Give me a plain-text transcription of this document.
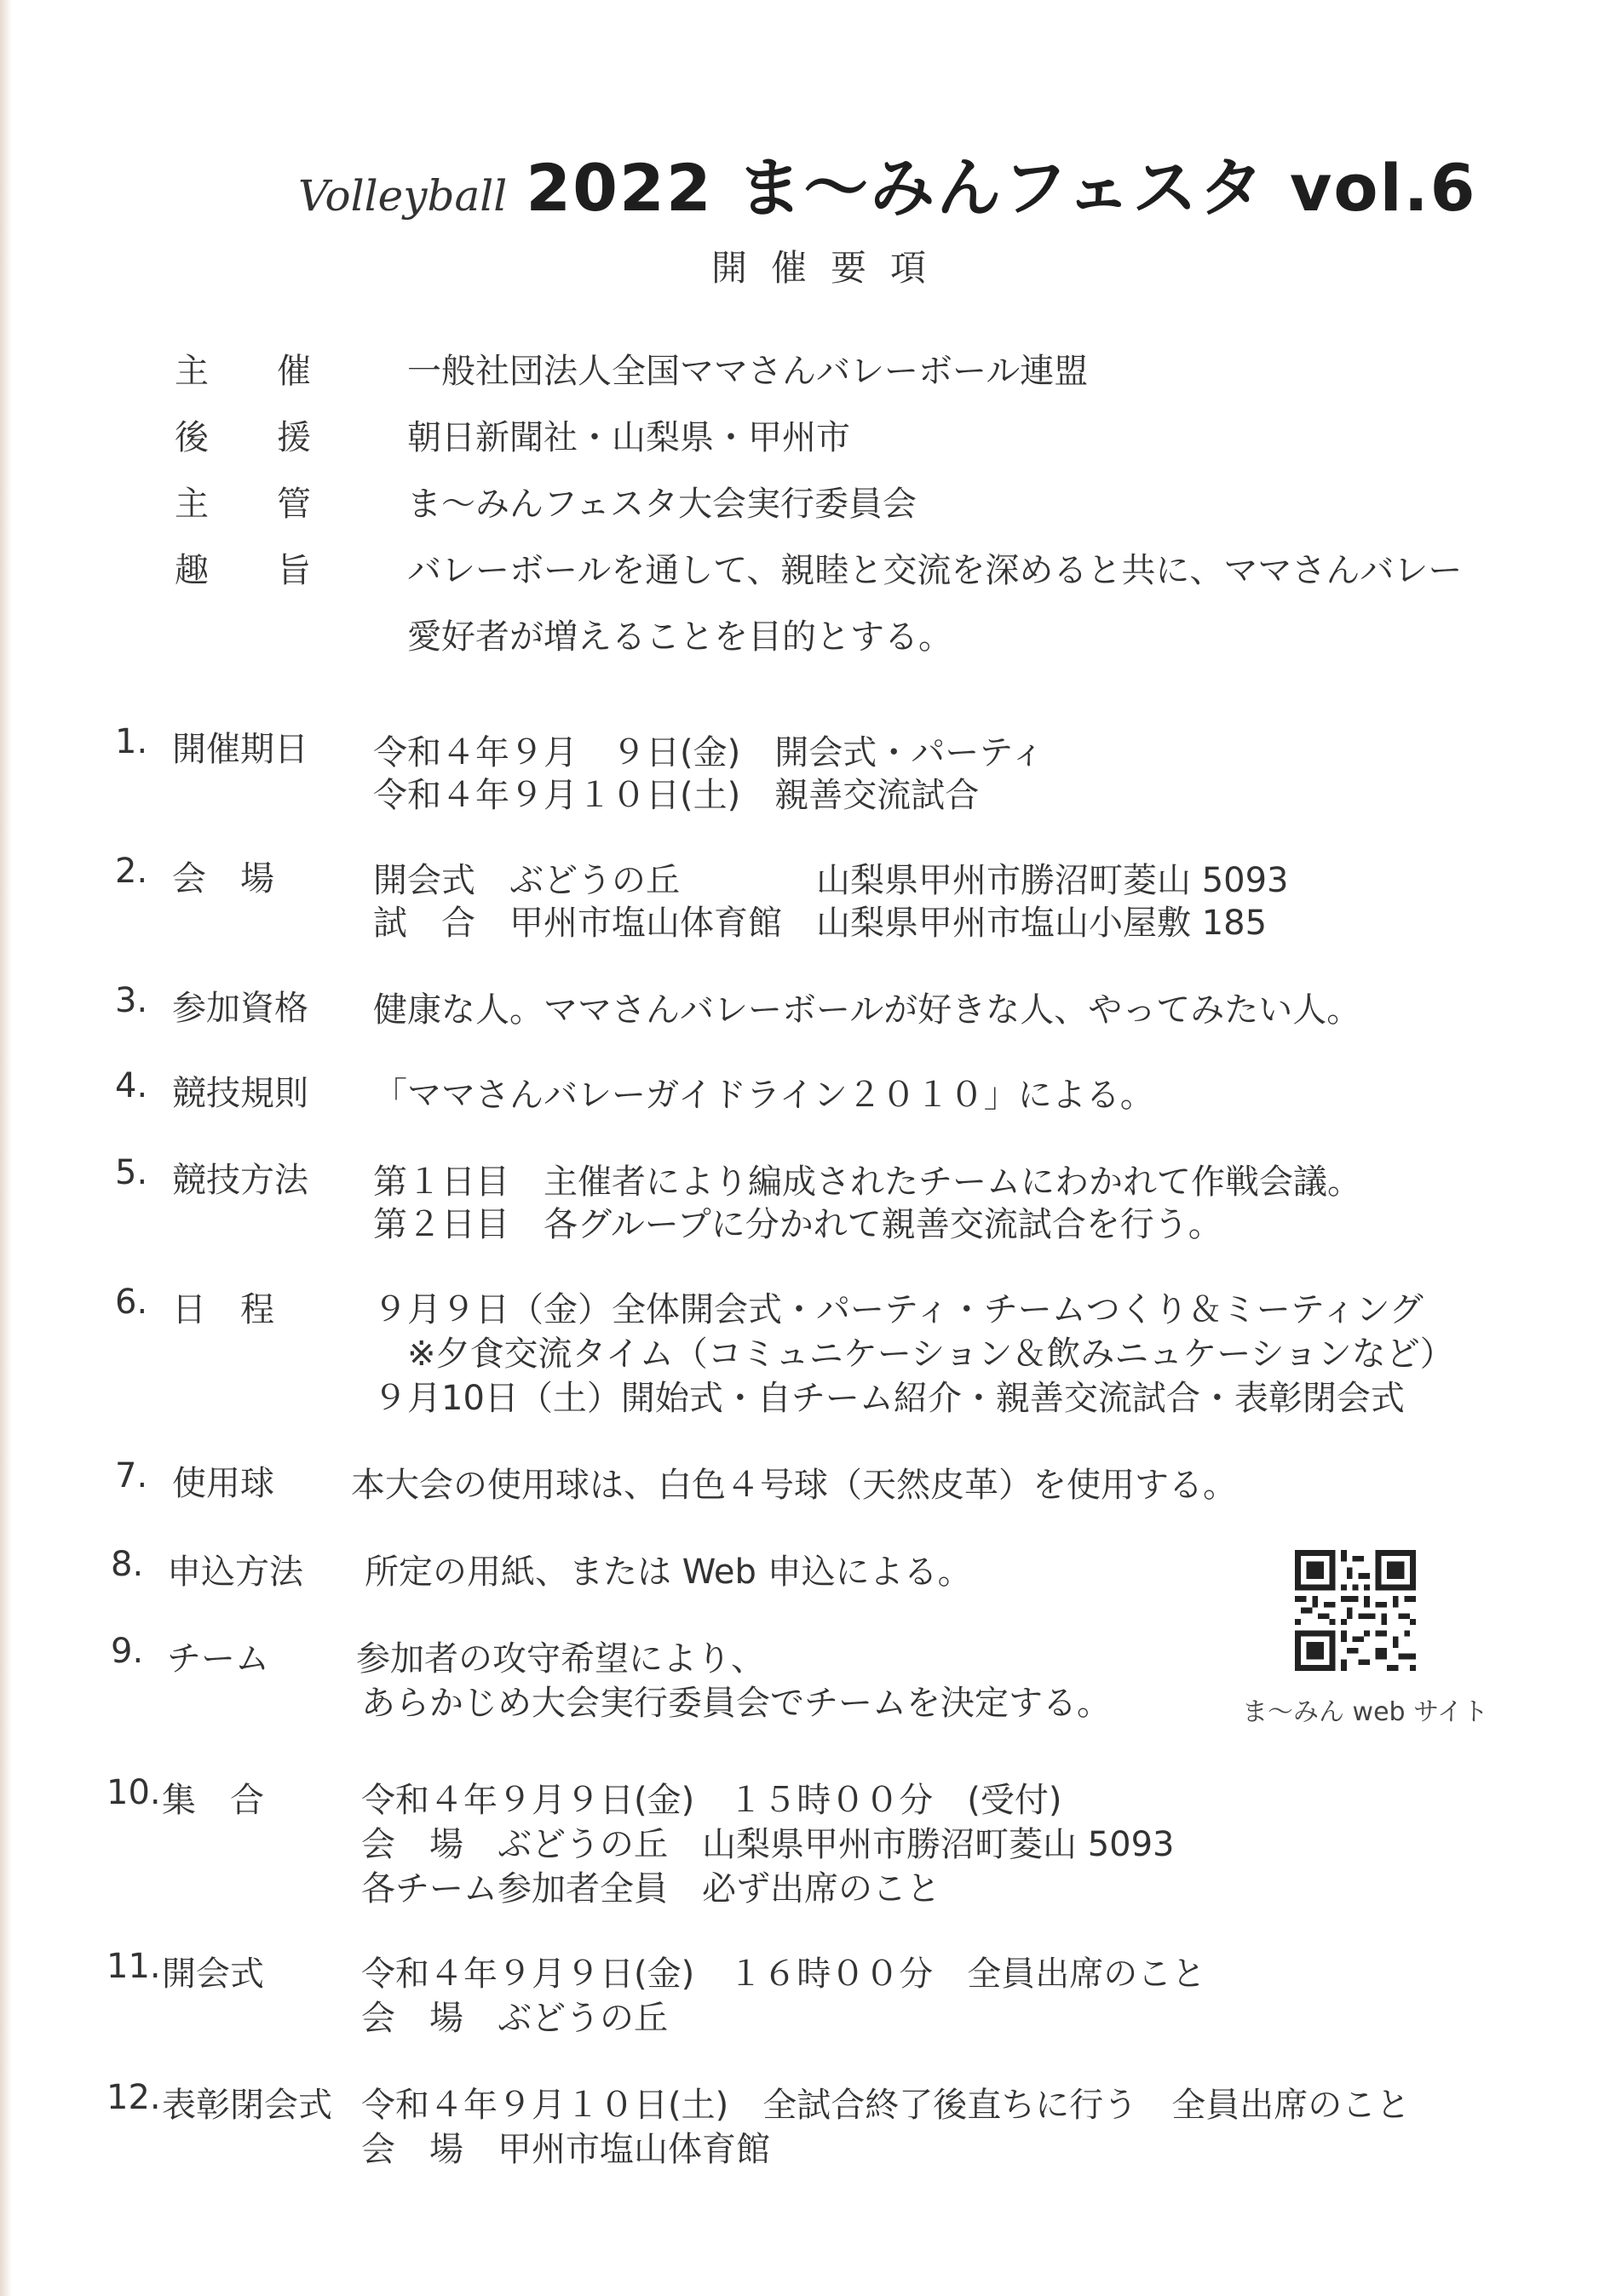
Volleyball 2022 ま〜みんフェスタ vol.6
開催要項
主 催	一般社団法人全国ママさんバレーボール連盟
後 援	朝日新聞社・山梨県・甲州市
主 管	ま〜みんフェスタ大会実行委員会
趣 旨	バレーボールを通して、親睦と交流を深めると共に、ママさんバレー
愛好者が増えることを目的とする。
1. 開催期日 令和４年９月　９日(金)　開会式・パーティ
令和４年９月１０日(土)　親善交流試合
2. 会　場	開会式　ぶどうの丘　　　　山梨県甲州市勝沼町菱山 5093
試　合　甲州市塩山体育館　山梨県甲州市塩山小屋敷 185
3. 参加資格 健康な人。ママさんバレーボールが好きな人、やってみたい人。
4. 競技規則 「ママさんバレーガイドライン２０１０」による。
5. 競技方法 第１日目　主催者により編成されたチームにわかれて作戦会議。
第２日目　各グループに分かれて親善交流試合を行う。
6. 日　程	９月９日（金）全体開会式・パーティ・チームつくり＆ミーティング
※夕食交流タイム（コミュニケーション＆飲みニュケーションなど）
９月10日（土）開始式・自チーム紹介・親善交流試合・表彰閉会式
7. 使用球 本大会の使用球は、白色４号球（天然皮革）を使用する。
8. 申込方法 所定の用紙、または Web 申込による。
9. チーム	参加者の攻守希望により、
あらかじめ大会実行委員会でチームを決定する。
10. 集　合	令和４年９月９日(金)　１５時００分　(受付)
会　場　ぶどうの丘　山梨県甲州市勝沼町菱山 5093
各チーム参加者全員　必ず出席のこと
11. 開会式	令和４年９月９日(金)　１６時００分　全員出席のこと
会　場　ぶどうの丘
12. 表彰閉会式 令和４年９月１０日(土)　全試合終了後直ちに行う　全員出席のこと
会　場　甲州市塩山体育館
ま〜みん web サイト
